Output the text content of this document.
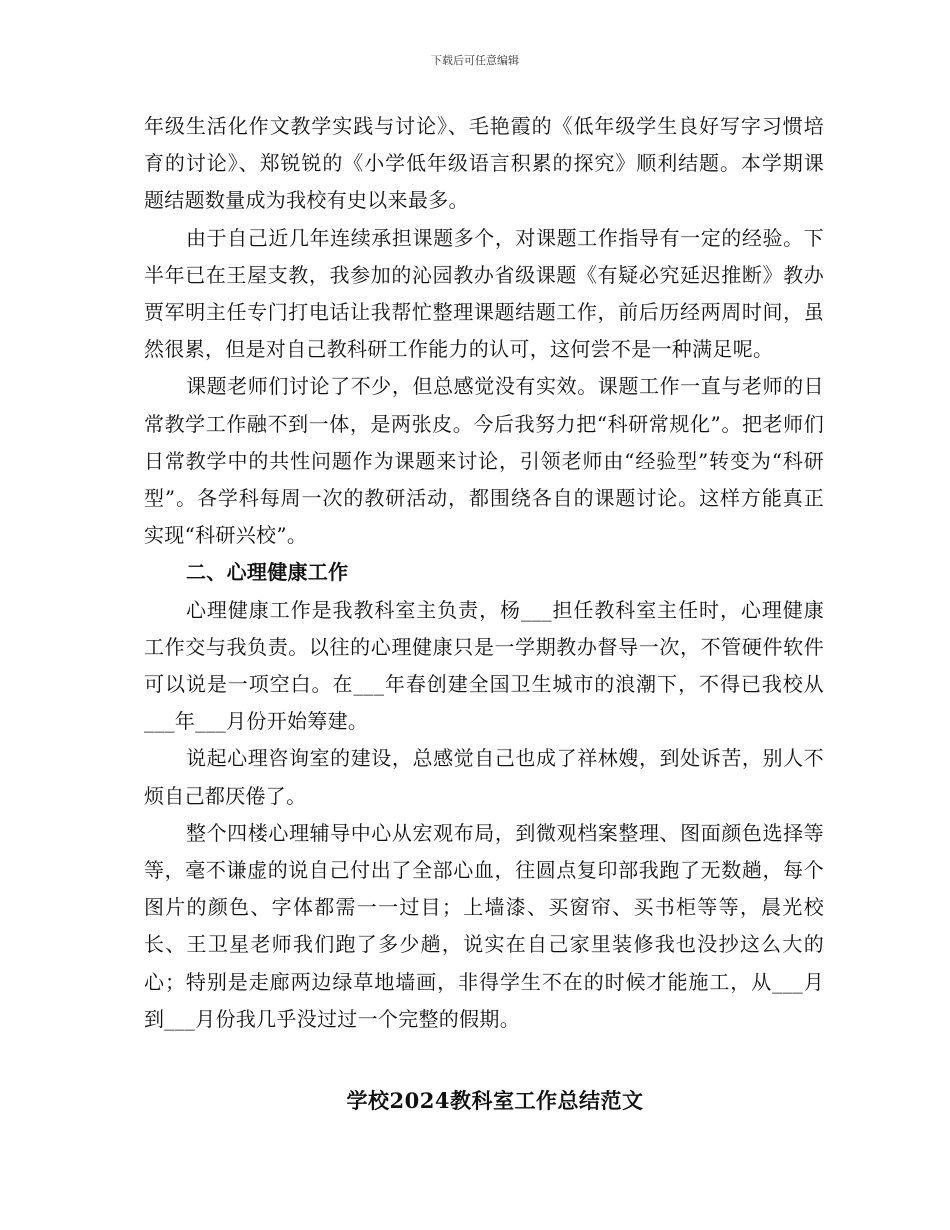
下载后可任意编辑

年级生活化作文教学实践与讨论》、毛艳霞的《低年级学生良好写字习惯培育的讨论》、郑锐锐的《小学低年级语言积累的探究》顺利结题。本学期课题结题数量成为我校有史以来最多。

由于自己近几年连续承担课题多个，对课题工作指导有一定的经验。下半年已在王屋支教，我参加的沁园教办省级课题《有疑必究延迟推断》教办贾军明主任专门打电话让我帮忙整理课题结题工作，前后历经两周时间，虽然很累，但是对自己教科研工作能力的认可，这何尝不是一种满足呢。

课题老师们讨论了不少，但总感觉没有实效。课题工作一直与老师的日常教学工作融不到一体，是两张皮。今后我努力把“科研常规化”。把老师们日常教学中的共性问题作为课题来讨论，引领老师由“经验型”转变为“科研型”。各学科每周一次的教研活动，都围绕各自的课题讨论。这样方能真正实现“科研兴校”。

二、心理健康工作

心理健康工作是我教科室主负责，杨___担任教科室主任时，心理健康工作交与我负责。以往的心理健康只是一学期教办督导一次，不管硬件软件可以说是一项空白。在___年春创建全国卫生城市的浪潮下，不得已我校从___年___月份开始筹建。

说起心理咨询室的建设，总感觉自己也成了祥林嫂，到处诉苦，别人不烦自己都厌倦了。

整个四楼心理辅导中心从宏观布局，到微观档案整理、图面颜色选择等等，毫不谦虚的说自己付出了全部心血，往圆点复印部我跑了无数趟，每个图片的颜色、字体都需一一过目；上墙漆、买窗帘、买书柜等等，晨光校长、王卫星老师我们跑了多少趟，说实在自己家里装修我也没抄这么大的心；特别是走廊两边绿草地墙画，非得学生不在的时候才能施工，从___月到___月份我几乎没过过一个完整的假期。

学校2024教科室工作总结范文
